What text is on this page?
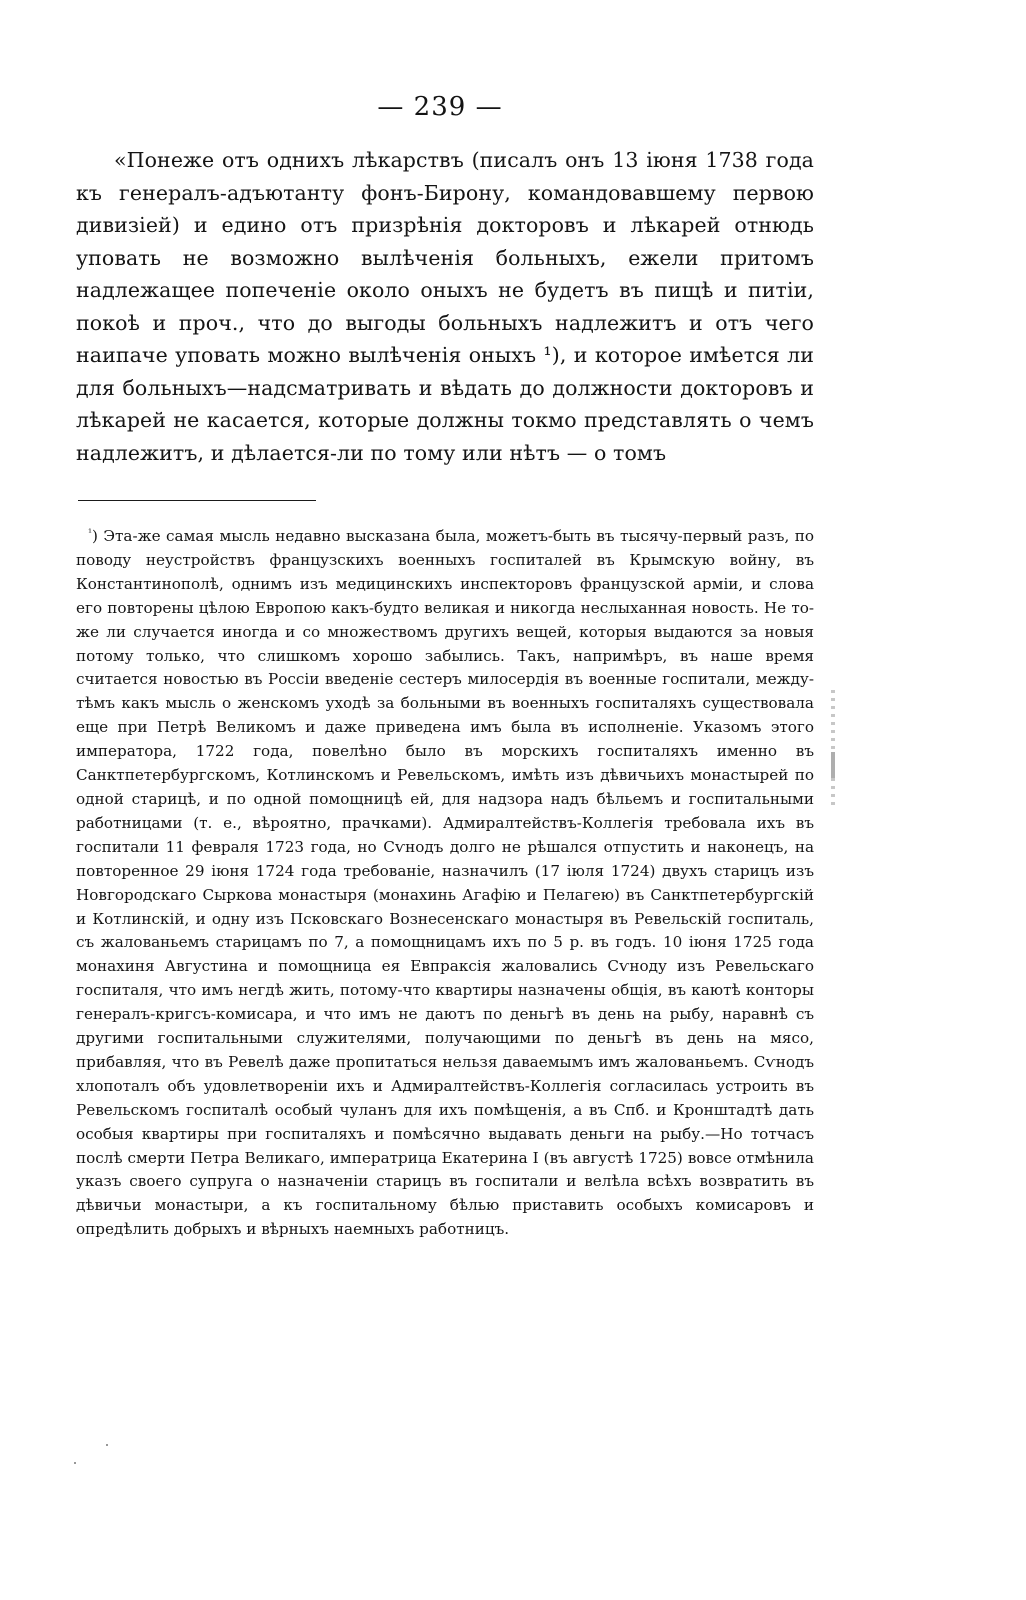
— 239 —

«Понеже отъ однихъ лѣкарствъ (писалъ онъ 13 іюня 1738 года къ генералъ-адъютанту фонъ-Бирону, командовавшему первою дивизіей) и едино отъ призрѣнія докторовъ и лѣкарей отнюдь уповать не возможно вылѣченія больныхъ, ежели притомъ надлежащее попеченіе около оныхъ не будетъ въ пищѣ и питіи, покоѣ и проч., что до выгоды больныхъ надлежитъ и отъ чего наипаче уповать можно вылѣченія оныхъ ¹), и которое имѣется ли для больныхъ—надсматривать и вѣдать до должности докторовъ и лѣкарей не касается, которые должны токмо представлять о чемъ надлежитъ, и дѣлается-ли по тому или нѣтъ — о томъ

$^{^1}$) Эта-же самая мысль недавно высказана была, можетъ-быть въ тысячу-первый разъ, по поводу неустройствъ французскихъ военныхъ госпиталей въ Крымскую войну, въ Константинополѣ, однимъ изъ медицинскихъ инспекторовъ французской арміи, и слова его повторены цѣлою Европою какъ-будто великая и никогда неслыханная новость. Не то-же ли случается иногда и со множествомъ другихъ вещей, которыя выдаются за новыя потому только, что слишкомъ хорошо забылись. Такъ, напримѣръ, въ наше время считается новостью въ Россіи введеніе сестеръ милосердія въ военные госпитали, между-тѣмъ какъ мысль о женскомъ уходѣ за больными въ военныхъ госпиталяхъ существовала еще при Петрѣ Великомъ и даже приведена имъ была въ исполненіе. Указомъ этого императора, 1722 года, повелѣно было въ морскихъ госпиталяхъ именно въ Санктпетербургскомъ, Котлинскомъ и Ревельскомъ, имѣть изъ дѣвичьихъ монастырей по одной старицѣ, и по одной помощницѣ ей, для надзора надъ бѣльемъ и госпитальными работницами (т. е., вѣроятно, прачками). Адмиралтействъ-Коллегія требовала ихъ въ госпитали 11 февраля 1723 года, но Сѵнодъ долго не рѣшался отпустить и наконецъ, на повторенное 29 іюня 1724 года требованіе, назначилъ (17 іюля 1724) двухъ старицъ изъ Новгородскаго Сыркова монастыря (монахинь Агафію и Пелагею) въ Санктпетербургскій и Котлинскій, и одну изъ Псковскаго Вознесенскаго монастыря въ Ревельскій госпиталь, съ жалованьемъ старицамъ по 7, а помощницамъ ихъ по 5 р. въ годъ. 10 іюня 1725 года монахиня Августина и помощница ея Евпраксія жаловались Сѵноду изъ Ревельскаго госпиталя, что имъ негдѣ жить, потому-что квартиры назначены общія, въ каютѣ конторы генералъ-кригсъ-комисара, и что имъ не даютъ по деньгѣ въ день на рыбу, наравнѣ съ другими госпитальными служителями, получающими по деньгѣ въ день на мясо, прибавляя, что въ Ревелѣ даже пропитаться нельзя даваемымъ имъ жалованьемъ. Сѵнодъ хлопоталъ объ удовлетвореніи ихъ и Адмиралтействъ-Коллегія согласилась устроить въ Ревельскомъ госпиталѣ особый чуланъ для ихъ помѣщенія, а въ Спб. и Кронштадтѣ дать особыя квартиры при госпиталяхъ и помѣсячно выдавать деньги на рыбу.—Но тотчасъ послѣ смерти Петра Великаго, императрица Екатерина I (въ августѣ 1725) вовсе отмѣнила указъ своего супруга о назначеніи старицъ въ госпитали и велѣла всѣхъ возвратить въ дѣвичьи монастыри, а къ госпитальному бѣлью приставить особыхъ комисаровъ и опредѣлить добрыхъ и вѣрныхъ наемныхъ работницъ.
